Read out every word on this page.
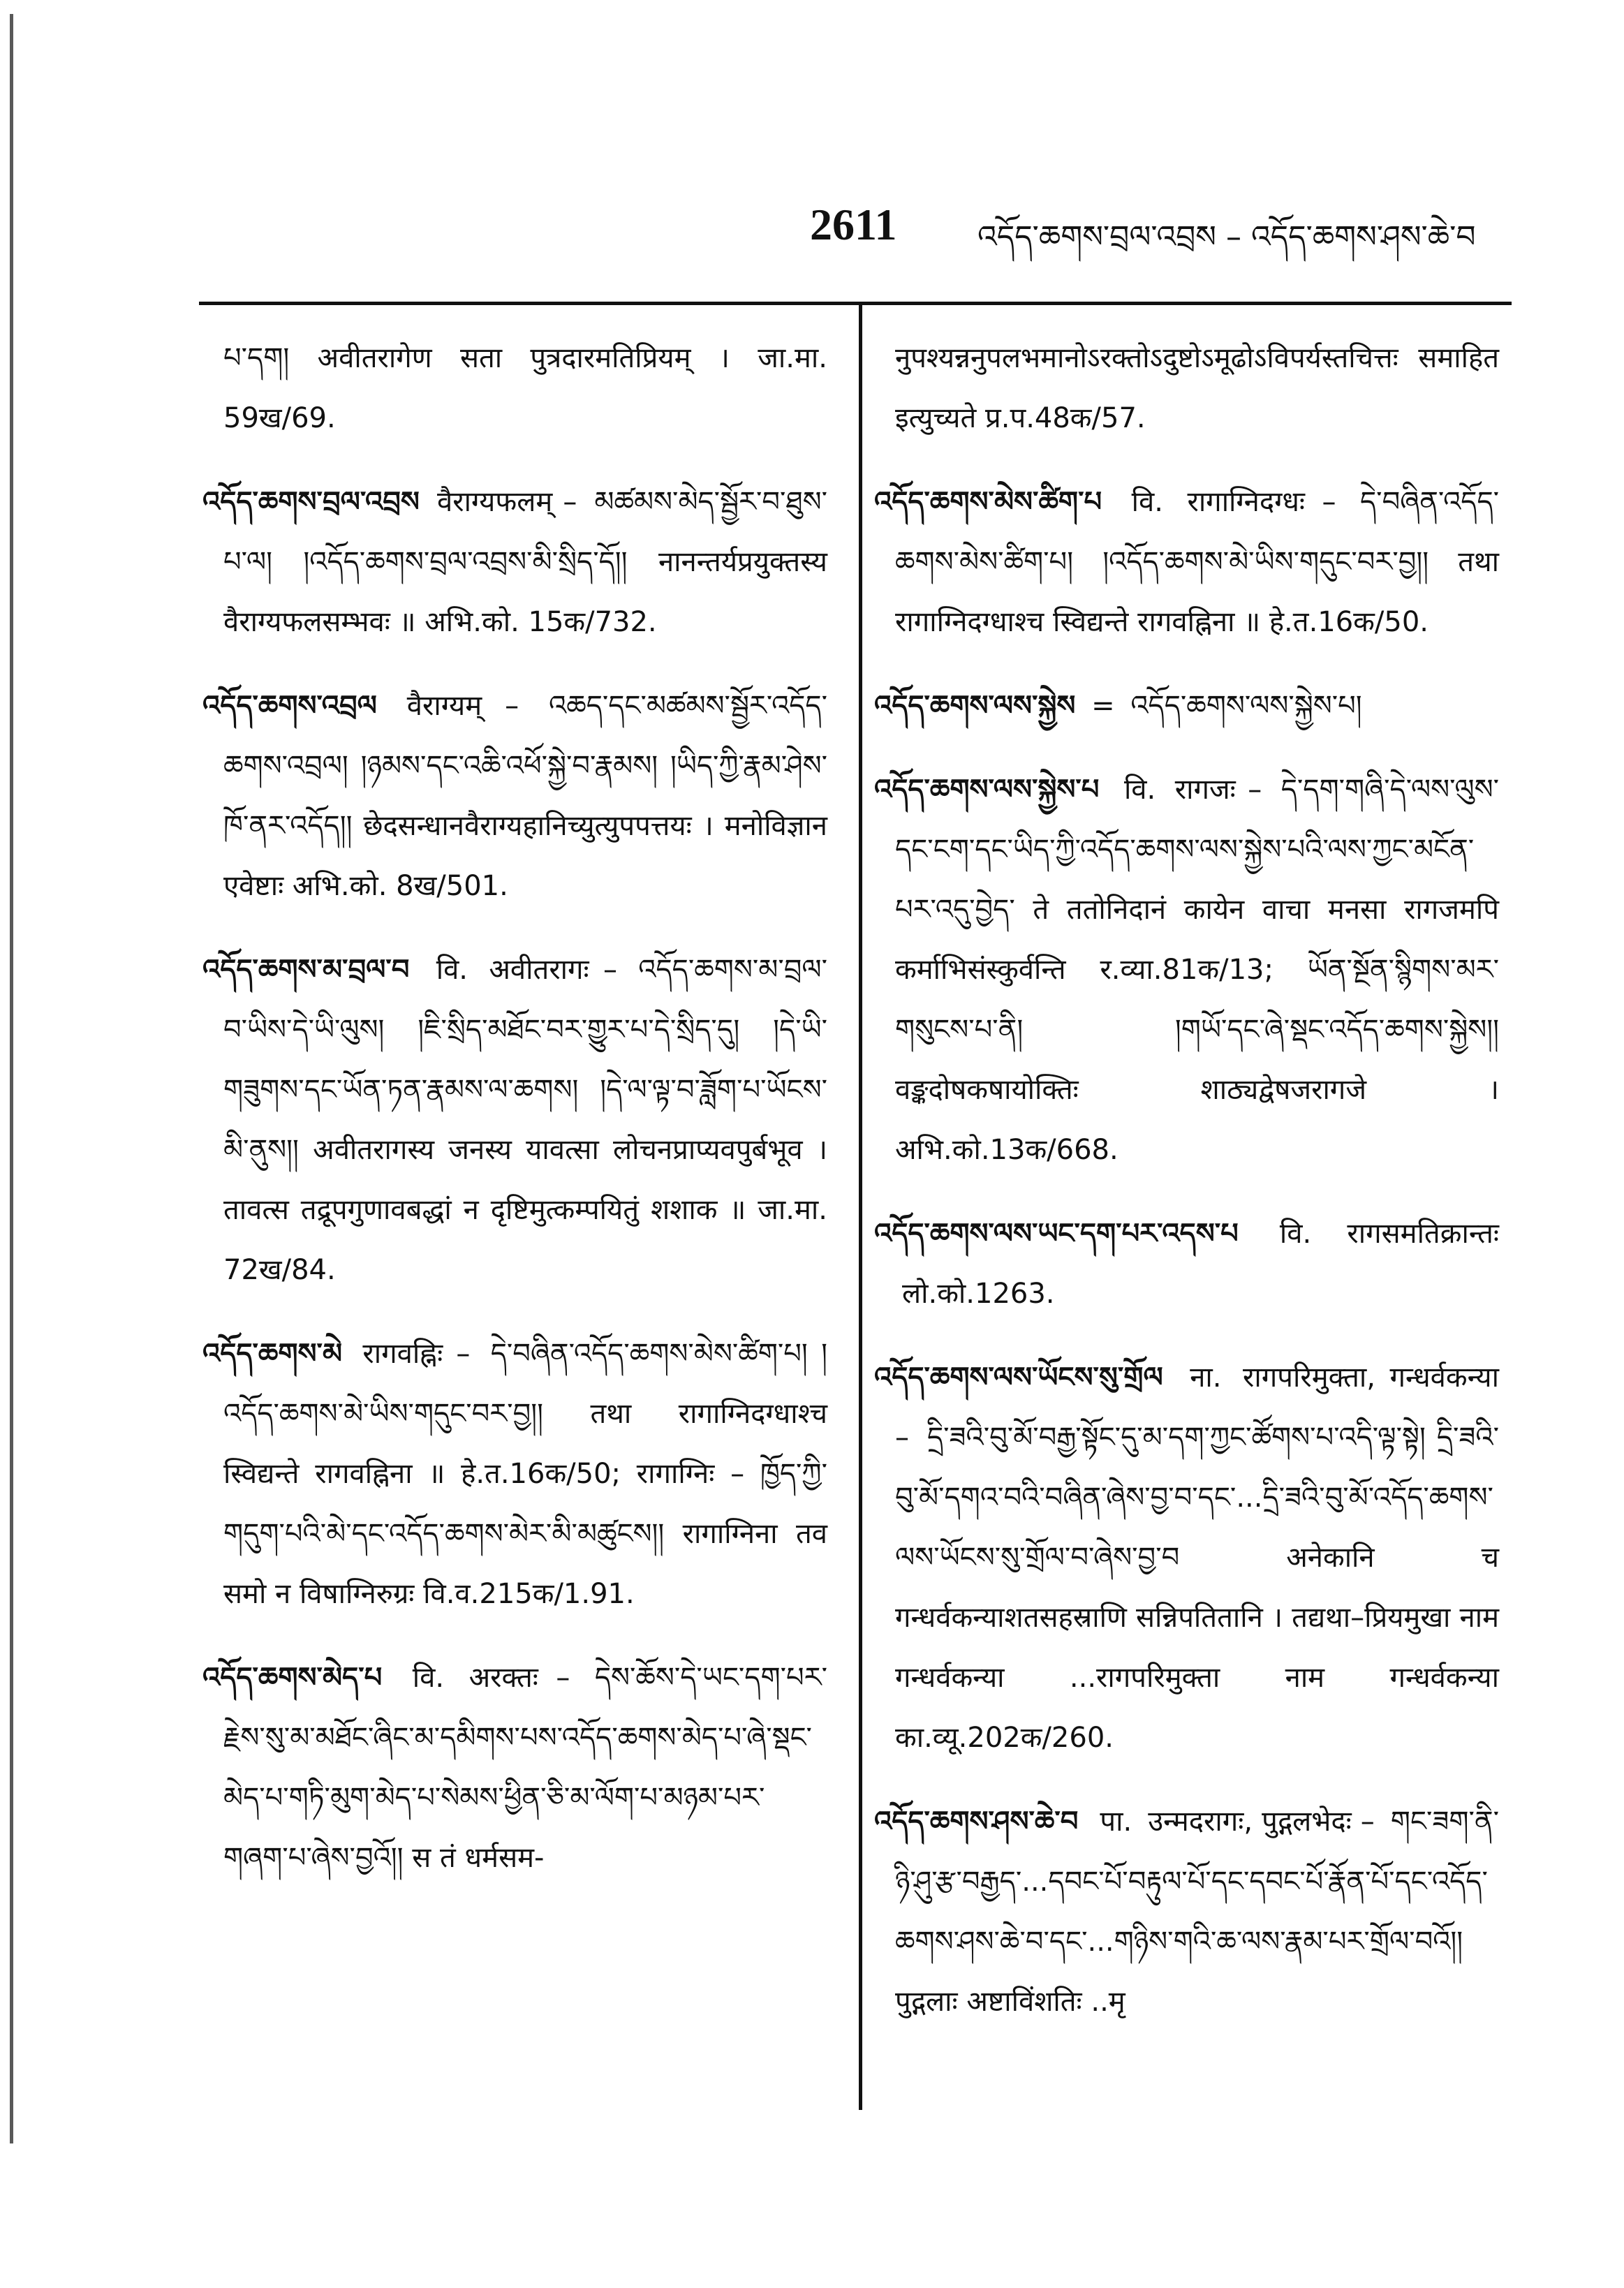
2611	འདོད་ཆགས་བྲལ་འབྲས – འདོད་ཆགས་ཤས་ཆེ་བ
པ་དག། अवीतरागेण सता पुत्रदारमतिप्रियम् । जा.मा. 59ख/69.
འདོད་ཆགས་བྲལ་འབྲས वैराग्यफलम् – མཚམས་མེད་སྦྱོར་བ་ཐུས་པ་ལ། །འདོད་ཆགས་བྲལ་འབྲས་མི་སྲིད་དོ།། नानन्तर्यप्रयुक्तस्य वैराग्यफलसम्भवः ॥ अभि.को. 15क/732.
འདོད་ཆགས་འབྲལ वैराग्यम् – འཆད་དང་མཚམས་སྦྱོར་འདོད་ཆགས་འབྲལ། །ཉམས་དང་འཆི་འཕོ་སྐྱེ་བ་རྣམས། །ཡིད་ཀྱི་རྣམ་ཤེས་ཁོ་ནར་འདོད།། छेदसन्धानवैराग्यहानिच्युत्युपपत्तयः । मनोविज्ञान एवेष्टाः अभि.को. 8ख/501.
འདོད་ཆགས་མ་བྲལ་བ वि. अवीतरागः – འདོད་ཆགས་མ་བྲལ་བ་ཡིས་དེ་ཡི་ལུས། །ཇི་སྲིད་མཐོང་བར་གྱུར་པ་དེ་སྲིད་དུ། །དེ་ཡི་གཟུགས་དང་ཡོན་ཏན་རྣམས་ལ་ཆགས། །དེ་ལ་ལྟ་བ་ཟློག་པ་ཡོངས་མི་ནུས།། अवीतरागस्य जनस्य यावत्सा लोचनप्राप्यवपुर्बभूव । तावत्स तद्रूपगुणावबद्धां न दृष्टिमुत्कम्पयितुं शशाक ॥ जा.मा. 72ख/84.
འདོད་ཆགས་མེ रागवह्निः – དེ་བཞིན་འདོད་ཆགས་མེས་ཚིག་པ། །འདོད་ཆགས་མེ་ཡིས་གདུང་བར་བྱ།། तथा रागाग्निदग्धाश्च स्विद्यन्ते रागवह्निना ॥ हे.त.16क/50; रागाग्निः – ཁྱོད་ཀྱི་གདུག་པའི་མེ་དང་འདོད་ཆགས་མེར་མི་མཚུངས།། रागाग्निना तव समो न विषाग्निरुग्रः वि.व.215क/1.91.
འདོད་ཆགས་མེད་པ वि. अरक्तः – དེས་ཆོས་དེ་ཡང་དག་པར་རྗེས་སུ་མ་མཐོང་ཞིང་མ་དམིགས་པས་འདོད་ཆགས་མེད་པ་ཞེ་སྡང་མེད་པ་གཏི་མུག་མེད་པ་སེམས་ཕྱིན་ཅི་མ་ལོག་པ་མཉམ་པར་གཞག་པ་ཞེས་བྱའོ།། स तं धर्मसम-
नुपश्यन्ननुपलभमानोऽरक्तोऽदुष्टोऽमूढोऽविपर्यस्तचित्तः समाहित इत्युच्यते प्र.प.48क/57.
འདོད་ཆགས་མེས་ཚིག་པ वि. रागाग्निदग्धः – དེ་བཞིན་འདོད་ཆགས་མེས་ཚིག་པ། །འདོད་ཆགས་མེ་ཡིས་གདུང་བར་བྱ།། तथा रागाग्निदग्धाश्च स्विद्यन्ते रागवह्निना ॥ हे.त.16क/50.
འདོད་ཆགས་ལས་སྐྱེས = འདོད་ཆགས་ལས་སྐྱེས་པ།
འདོད་ཆགས་ལས་སྐྱེས་པ वि. रागजः – དེ་དག་གཞི་དེ་ལས་ལུས་དང་ངག་དང་ཡིད་ཀྱི་འདོད་ཆགས་ལས་སྐྱེས་པའི་ལས་ཀྱང་མངོན་པར་འདུ་བྱེད་ ते ततोनिदानं कायेन वाचा मनसा रागजमपि कर्माभिसंस्कुर्वन्ति र.व्या.81क/13; ཡོན་སྔོན་སྙིགས་མར་གསུངས་པ་ནི། །གཡོ་དང་ཞེ་སྡང་འདོད་ཆགས་སྐྱེས།། वङ्कदोषकषायोक्तिः शाठ्यद्वेषजरागजे । अभि.को.13क/668.
འདོད་ཆགས་ལས་ཡང་དག་པར་འདས་པ वि. रागसमतिक्रान्तः लो.को.1263.
འདོད་ཆགས་ལས་ཡོངས་སུ་གྲོལ ना. रागपरिमुक्ता, गन्धर्वकन्या – དྲི་ཟའི་བུ་མོ་བརྒྱ་སྟོང་དུ་མ་དག་ཀྱང་ཚོགས་པ་འདི་ལྟ་སྟེ། དྲི་ཟའི་བུ་མོ་དགའ་བའི་བཞིན་ཞེས་བྱ་བ་དང་...དྲི་ཟའི་བུ་མོ་འདོད་ཆགས་ལས་ཡོངས་སུ་གྲོལ་བ་ཞེས་བྱ་བ अनेकानि च गन्धर्वकन्याशतसहस्राणि सन्निपतितानि । तद्यथा–प्रियमुखा नाम गन्धर्वकन्या ...रागपरिमुक्ता नाम गन्धर्वकन्या का.व्यू.202क/260.
འདོད་ཆགས་ཤས་ཆེ་བ पा. उन्मदरागः, पुद्गलभेदः – གང་ཟག་ནི་ཉི་ཤུ་རྩ་བརྒྱད་...དབང་པོ་བརྟུལ་པོ་དང་དབང་པོ་རྣོན་པོ་དང་འདོད་ཆགས་ཤས་ཆེ་བ་དང་...གཉིས་གའི་ཆ་ལས་རྣམ་པར་གྲོལ་བའོ།། पुद्गलाः अष्टाविंशतिः ..मृ
